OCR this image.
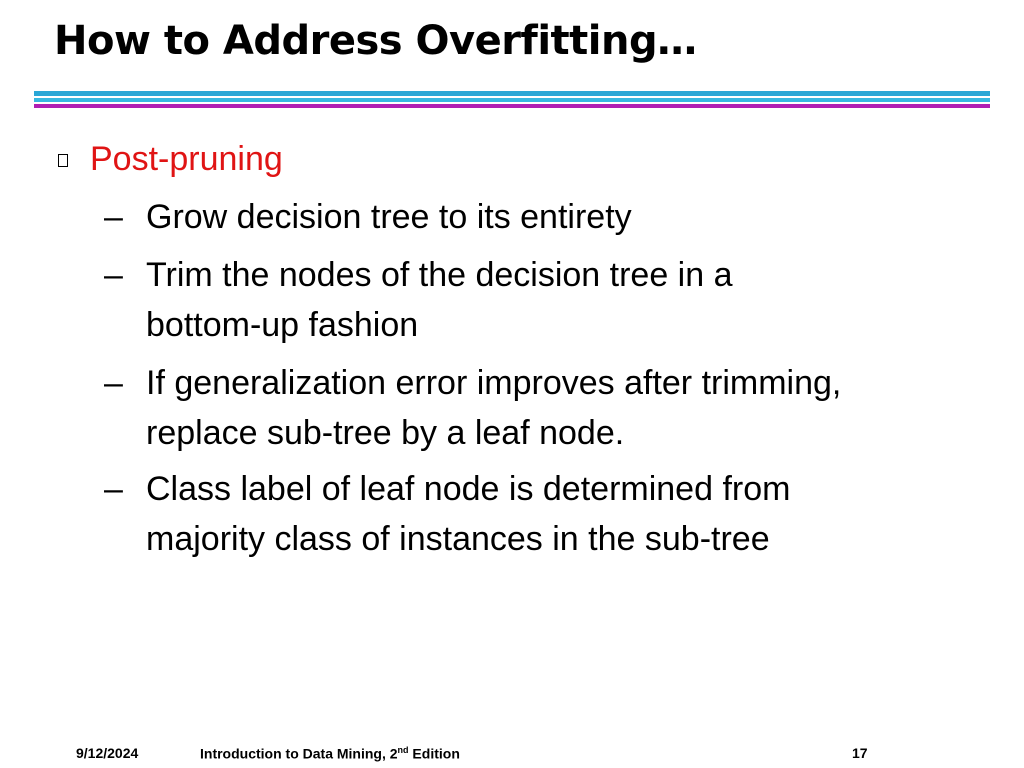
How to Address Overfitting…
Post-pruning
– Grow decision tree to its entirety
– Trim the nodes of the decision tree in a
bottom-up fashion
– If generalization error improves after trimming,
replace sub-tree by a leaf node.
– Class label of leaf node is determined from
majority class of instances in the sub-tree
9/12/2024	Introduction to Data Mining, 2nd Edition	17
